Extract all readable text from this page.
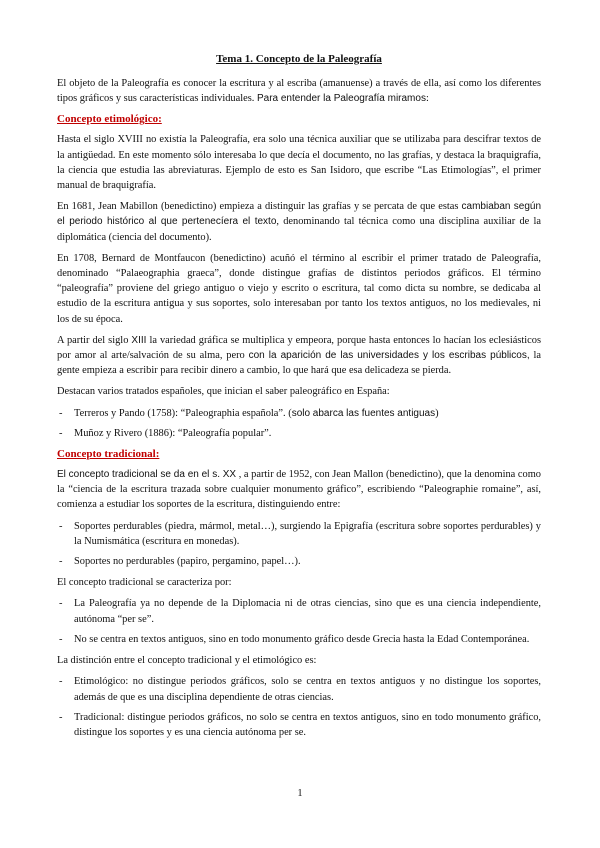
Tema 1. Concepto de la Paleografía

El objeto de la Paleografía es conocer la escritura y al escriba (amanuense) a través de ella, así como los diferentes tipos gráficos y sus características individuales. Para entender la Paleografía miramos:

Concepto etimológico:

Hasta el siglo XVIII no existía la Paleografía, era solo una técnica auxiliar que se utilizaba para descifrar textos de la antigüedad. En este momento sólo interesaba lo que decía el documento, no las grafías, y destaca la braquigrafía, la ciencia que estudia las abreviaturas. Ejemplo de esto es San Isidoro, que escribe “Las Etimologías”, el primer manual de braquigrafía.

En 1681, Jean Mabillon (benedictino) empieza a distinguir las grafías y se percata de que estas cambiaban según el periodo histórico al que pertenecíera el texto, denominando tal técnica como una disciplina auxiliar de la diplomática (ciencia del documento).

En 1708, Bernard de Montfaucon (benedictino) acuñó el término al escribir el primer tratado de Paleografía, denominado “Palaeographia graeca”, donde distingue grafías de distintos periodos gráficos. El término “paleografía” proviene del griego antiguo o viejo y escrito o escritura, tal como dicta su nombre, se dedicaba al estudio de la escritura antigua y sus soportes, solo interesaban por tanto los textos antiguos, no los medievales, ni los de su época.

A partir del siglo XIII la variedad gráfica se multiplica y empeora, porque hasta entonces lo hacían los eclesiásticos por amor al arte/salvación de su alma, pero con la aparición de las universidades y los escribas públicos, la gente empieza a escribir para recibir dinero a cambio, lo que hará que esa delicadeza se pierda.

Destacan varios tratados españoles, que inician el saber paleográfico en España:

- Terreros y Pando (1758): “Paleographia española”. (solo abarca las fuentes antiguas)
- Muñoz y Rivero (1886): “Paleografía popular”.
Concepto tradicional:

El concepto tradicional se da en el s. XX , a partir de 1952, con Jean Mallon (benedictino), que la denomina como la “ciencia de la escritura trazada sobre cualquier monumento gráfico”, escribiendo “Paleographie romaine”, así, comienza a estudiar los soportes de la escritura, distinguiendo entre:

- Soportes perdurables (piedra, mármol, metal…), surgiendo la Epigrafía (escritura sobre soportes perdurables) y la Numismática (escritura en monedas).
- Soportes no perdurables (papiro, pergamino, papel…).

El concepto tradicional se caracteriza por:

- La Paleografía ya no depende de la Diplomacia ni de otras ciencias, sino que es una ciencia independiente, autónoma “per se”.
- No se centra en textos antiguos, sino en todo monumento gráfico desde Grecia hasta la Edad Contemporánea.

La distinción entre el concepto tradicional y el etimológico es:

- Etimológico: no distingue periodos gráficos, solo se centra en textos antiguos y no distingue los soportes, además de que es una disciplina dependiente de otras ciencias.
- Tradicional: distingue periodos gráficos, no solo se centra en textos antiguos, sino en todo monumento gráfico, distingue los soportes y es una ciencia autónoma per se.
1
